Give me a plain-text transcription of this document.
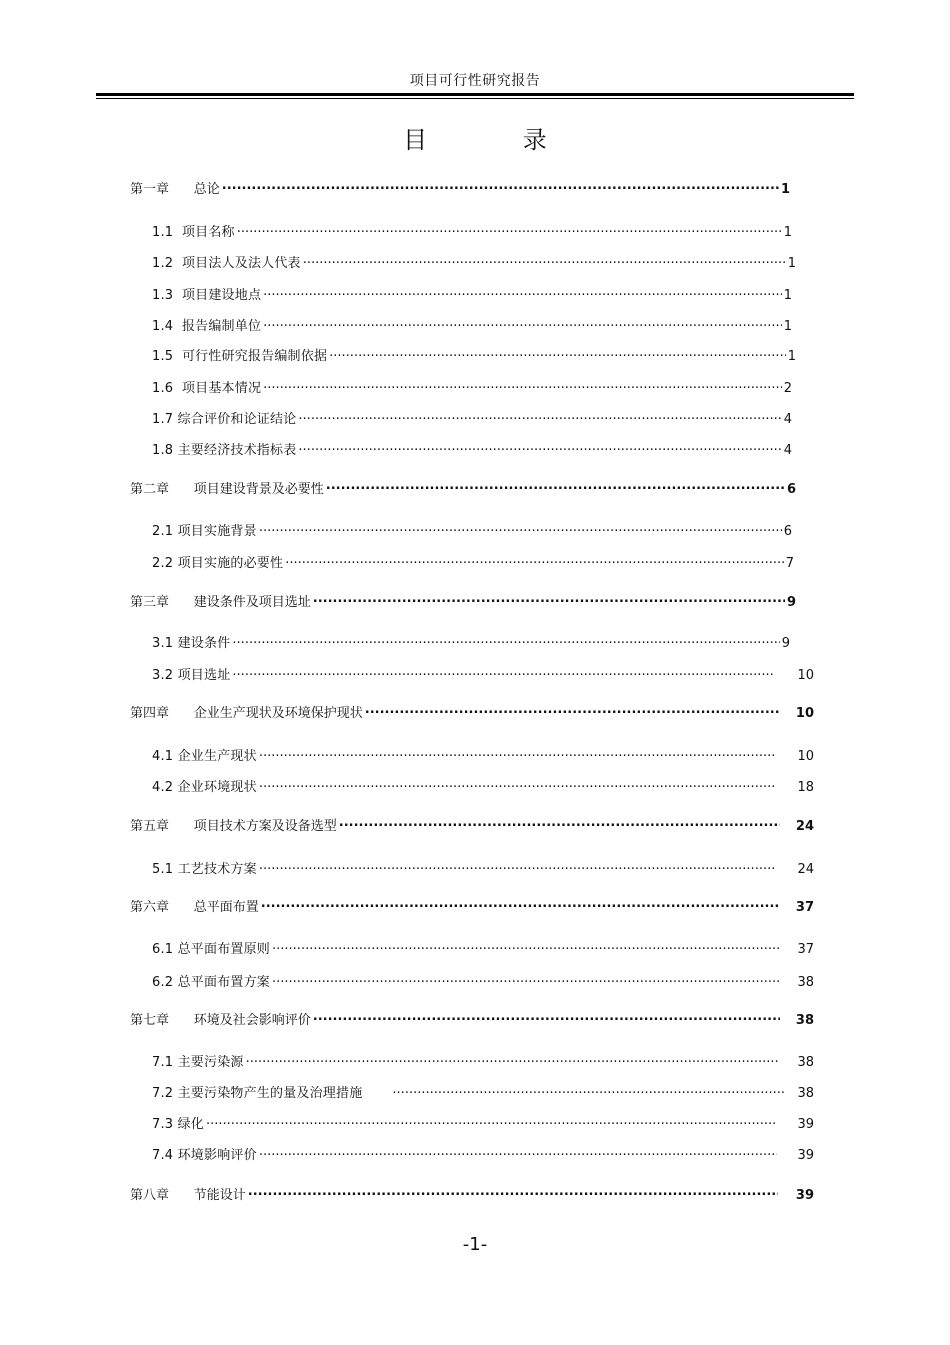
项目可行性研究报告
目 录
第一章      总论 .....	1
1.1  项目名称 .....	1
1.2  项目法人及法人代表 .....	1
1.3  项目建设地点 .....	1
1.4  报告编制单位 .....	1
1.5  可行性研究报告编制依据 .....	1
1.6  项目基本情况 .....	2
1.7 综合评价和论证结论 .....	4
1.8 主要经济技术指标表 .....	4
第二章      项目建设背景及必要性 .....	6
2.1 项目实施背景 .....	6
2.2 项目实施的必要性 .....	7
第三章      建设条件及项目选址 .....	9
3.1 建设条件 .....	9
3.2 项目选址 .....	10
第四章      企业生产现状及环境保护现状 .....	10
4.1 企业生产现状 .....	10
4.2 企业环境现状 .....	18
第五章      项目技术方案及设备选型 .....	24
5.1 工艺技术方案 .....	24
第六章      总平面布置 .....	37
6.1 总平面布置原则 .....	37
6.2 总平面布置方案 .....	38
第七章      环境及社会影响评价 .....	38
7.1 主要污染源 .....	38
7.2 主要污染物产生的量及治理措施 .....	38
7.3 绿化 .....	39
7.4 环境影响评价 .....	39
第八章      节能设计 .....	39
-1-
